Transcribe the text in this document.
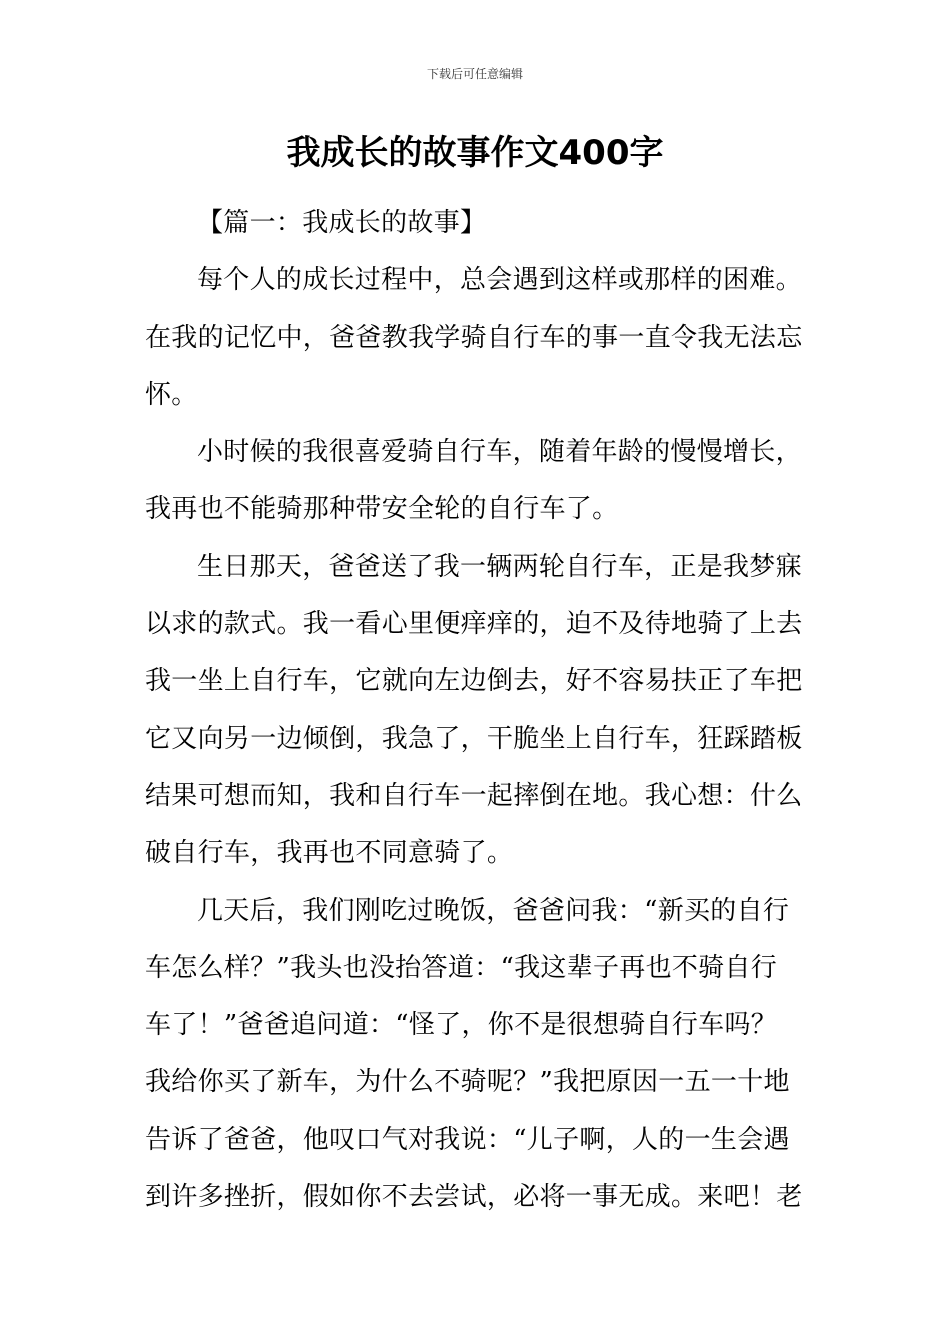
下载后可任意编辑
我成长的故事作文400字
【篇一：我成长的故事】
每个人的成长过程中，总会遇到这样或那样的困难。
在我的记忆中，爸爸教我学骑自行车的事一直令我无法忘
怀。
小时候的我很喜爱骑自行车，随着年龄的慢慢增长，
我再也不能骑那种带安全轮的自行车了。
生日那天，爸爸送了我一辆两轮自行车，正是我梦寐
以求的款式。我一看心里便痒痒的，迫不及待地骑了上去
我一坐上自行车，它就向左边倒去，好不容易扶正了车把
它又向另一边倾倒，我急了，干脆坐上自行车，狂踩踏板
结果可想而知，我和自行车一起摔倒在地。我心想：什么
破自行车，我再也不同意骑了。
几天后，我们刚吃过晚饭，爸爸问我：“新买的自行
车怎么样？”我头也没抬答道：“我这辈子再也不骑自行
车了！”爸爸追问道：“怪了，你不是很想骑自行车吗？
我给你买了新车，为什么不骑呢？”我把原因一五一十地
告诉了爸爸，他叹口气对我说：“儿子啊，人的一生会遇
到许多挫折，假如你不去尝试，必将一事无成。来吧！老
